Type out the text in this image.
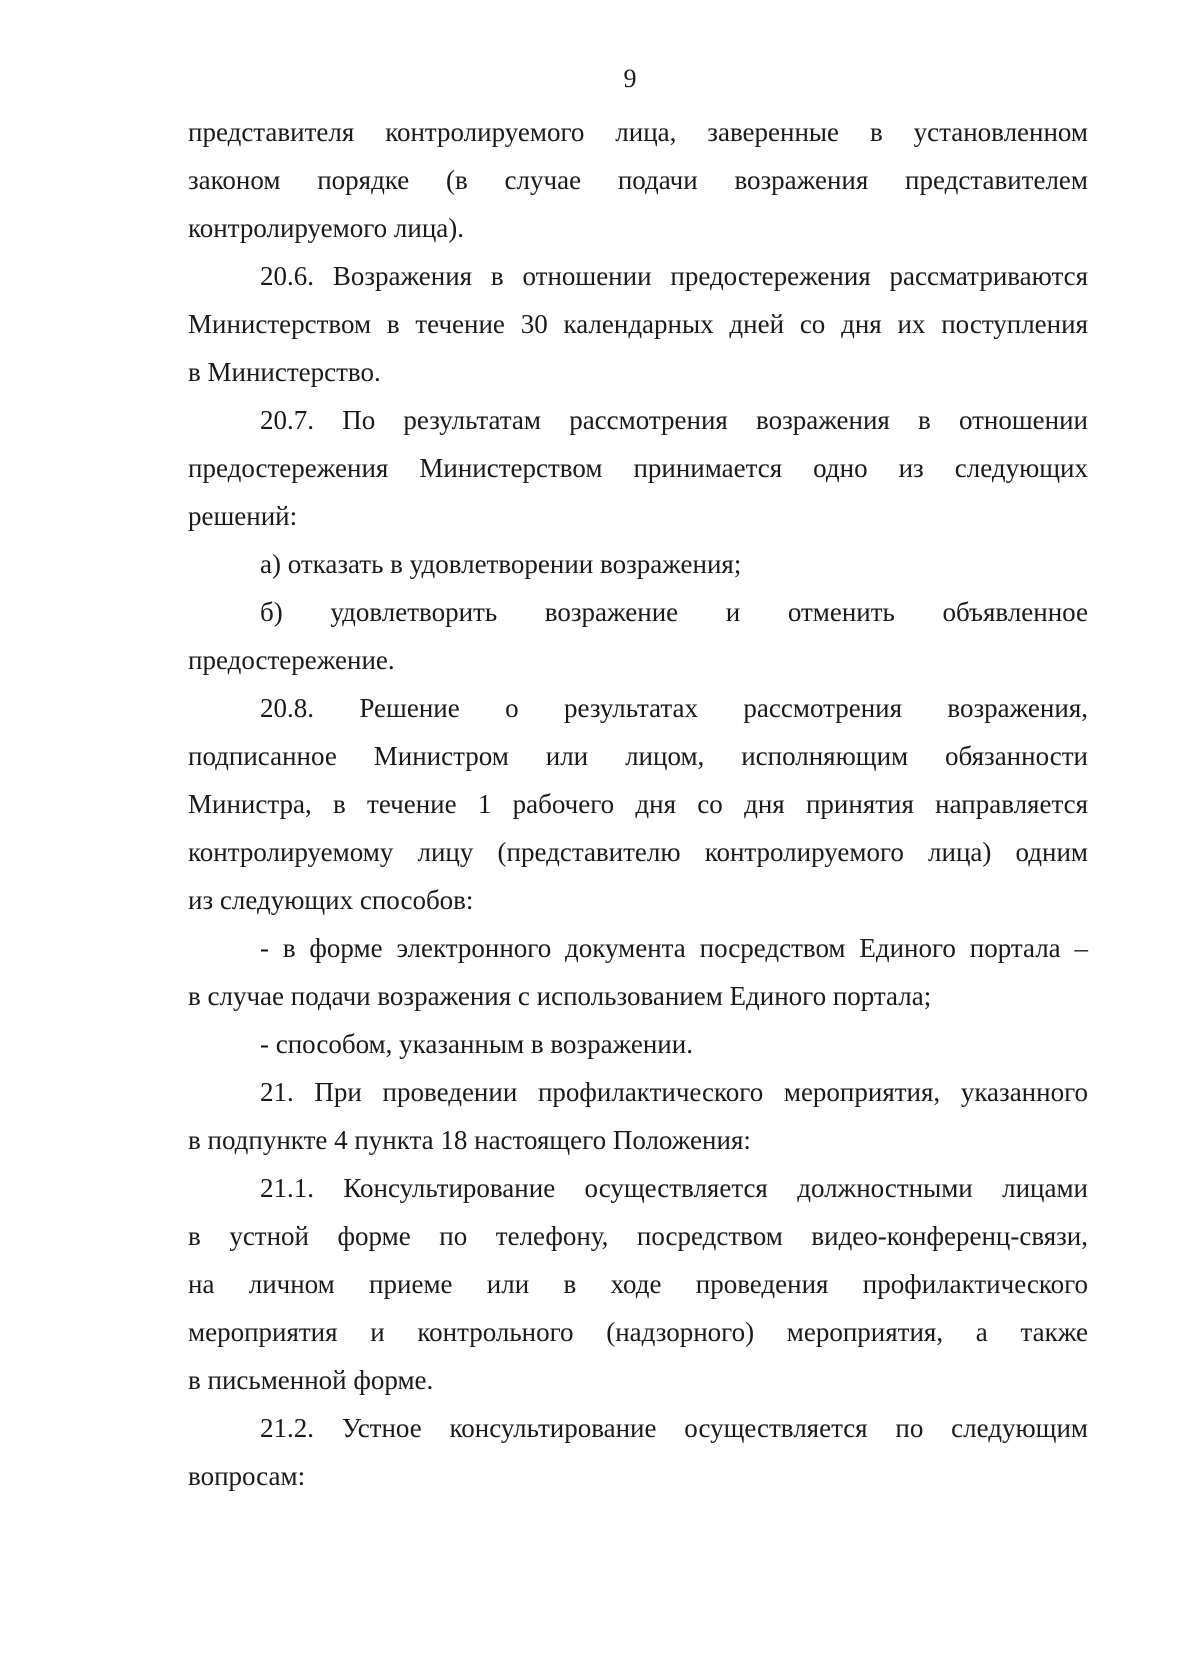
9
представителя контролируемого лица, заверенные в установленном
законом порядке (в случае подачи возражения представителем
контролируемого лица).
20.6. Возражения в отношении предостережения рассматриваются
Министерством в течение 30 календарных дней со дня их поступления
в Министерство.
20.7. По результатам рассмотрения возражения в отношении
предостережения Министерством принимается одно из следующих
решений:
а) отказать в удовлетворении возражения;
б) удовлетворить возражение и отменить объявленное
предостережение.
20.8. Решение о результатах рассмотрения возражения,
подписанное Министром или лицом, исполняющим обязанности
Министра, в течение 1 рабочего дня со дня принятия направляется
контролируемому лицу (представителю контролируемого лица) одним
из следующих способов:
- в форме электронного документа посредством Единого портала –
в случае подачи возражения с использованием Единого портала;
- способом, указанным в возражении.
21. При проведении профилактического мероприятия, указанного
в подпункте 4 пункта 18 настоящего Положения:
21.1. Консультирование осуществляется должностными лицами
в устной форме по телефону, посредством видео-конференц-связи,
на личном приеме или в ходе проведения профилактического
мероприятия и контрольного (надзорного) мероприятия, а также
в письменной форме.
21.2. Устное консультирование осуществляется по следующим
вопросам:
